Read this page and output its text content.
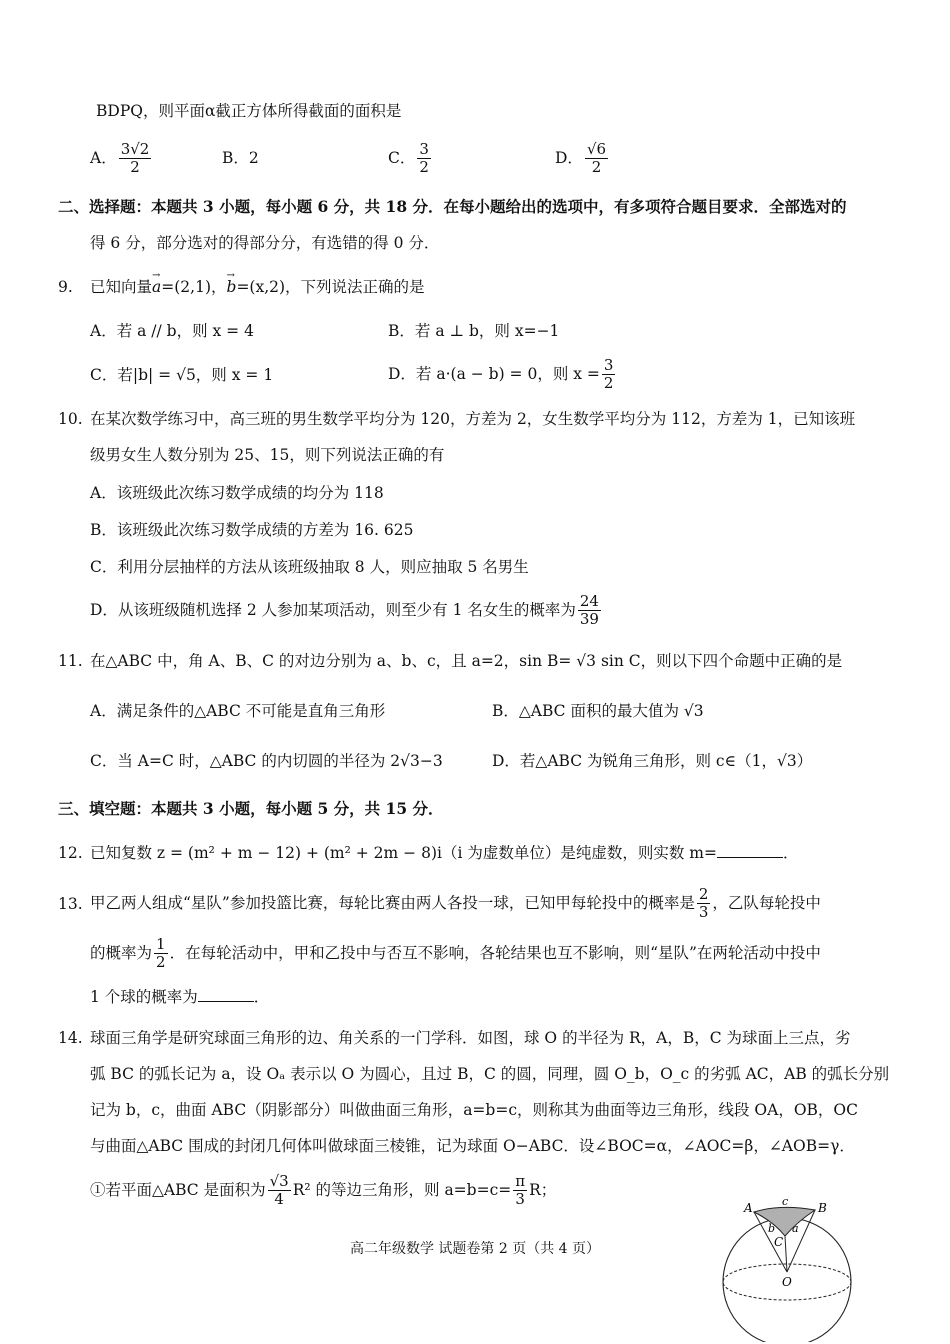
BDPQ，则平面α截正方体所得截面的面积是
A． $\frac{3√2}{2}$	B．2	C． $\frac{3}{2}$	D． $\frac{√6}{2}$
二、选择题：本题共 3 小题，每小题 6 分，共 18 分．在每小题给出的选项中，有多项符合题目要求．全部选对的
得 6 分，部分选对的得部分分，有选错的得 0 分．
9. 已知向量→ a=(2,1)，→ b=(x,2)，下列说法正确的是
A．若 a // b，则 x = 4	B．若 a ⊥ b，则 x=−1
C．若|b| = √5，则 x = 1	D．若 a·(a − b) = 0，则 $x = \frac{3}{2}$
10. 在某次数学练习中，高三班的男生数学平均分为 120，方差为 2，女生数学平均分为 112，方差为 1，已知该班
级男女生人数分别为 25、15，则下列说法正确的有
A．该班级此次练习数学成绩的均分为 118
B．该班级此次练习数学成绩的方差为 16. 625
C．利用分层抽样的方法从该班级抽取 8 人，则应抽取 5 名男生
D．从该班级随机选择 2 人参加某项活动，则至少有 1 名女生的概率为 $\frac{24}{39}$
11. 在△ABC 中，角 A、B、C 的对边分别为 a、b、c，且 a=2，sin B= √3 sin C，则以下四个命题中正确的是
A．满足条件的△ABC 不可能是直角三角形	B．△ABC 面积的最大值为 √3
C．当 A=C 时，△ABC 的内切圆的半径为 2√3−3	D．若△ABC 为锐角三角形，则 c∈（1，√3）
三、填空题：本题共 3 小题，每小题 5 分，共 15 分．
12. 已知复数 z = (m² + m − 12) + (m² + 2m − 8)i（i 为虚数单位）是纯虚数，则实数 m=	．
13. 甲乙两人组成“星队”参加投篮比赛，每轮比赛由两人各投一球，已知甲每轮投中的概率是 $\frac{2}{3}$ ，乙队每轮投中
的概率为 $\frac{1}{2}$ ．在每轮活动中，甲和乙投中与否互不影响，各轮结果也互不影响，则“星队”在两轮活动中投中
1 个球的概率为	．
14. 球面三角学是研究球面三角形的边、角关系的一门学科．如图，球 O 的半径为 R，A，B，C 为球面上三点，劣
弧 BC 的弧长记为 a，设 Oₐ 表示以 O 为圆心，且过 B，C 的圆，同理，圆 O_b，O_c 的劣弧 AC，AB 的弧长分别
记为 b，c，曲面 ABC（阴影部分）叫做曲面三角形，a=b=c，则称其为曲面等边三角形，线段 OA，OB，OC
与曲面△ABC 围成的封闭几何体叫做球面三棱锥，记为球面 O−ABC．设∠BOC=α，∠AOC=β，∠AOB=γ．
①若平面△ABC 是面积为 $\frac{√3}{4} R^2$ 的等边三角形，则 $a=b=c= \frac{\pi}{3}$ R；
A	B
C
O
c
b a
高二年级数学 试题卷第 2 页（共 4 页）
